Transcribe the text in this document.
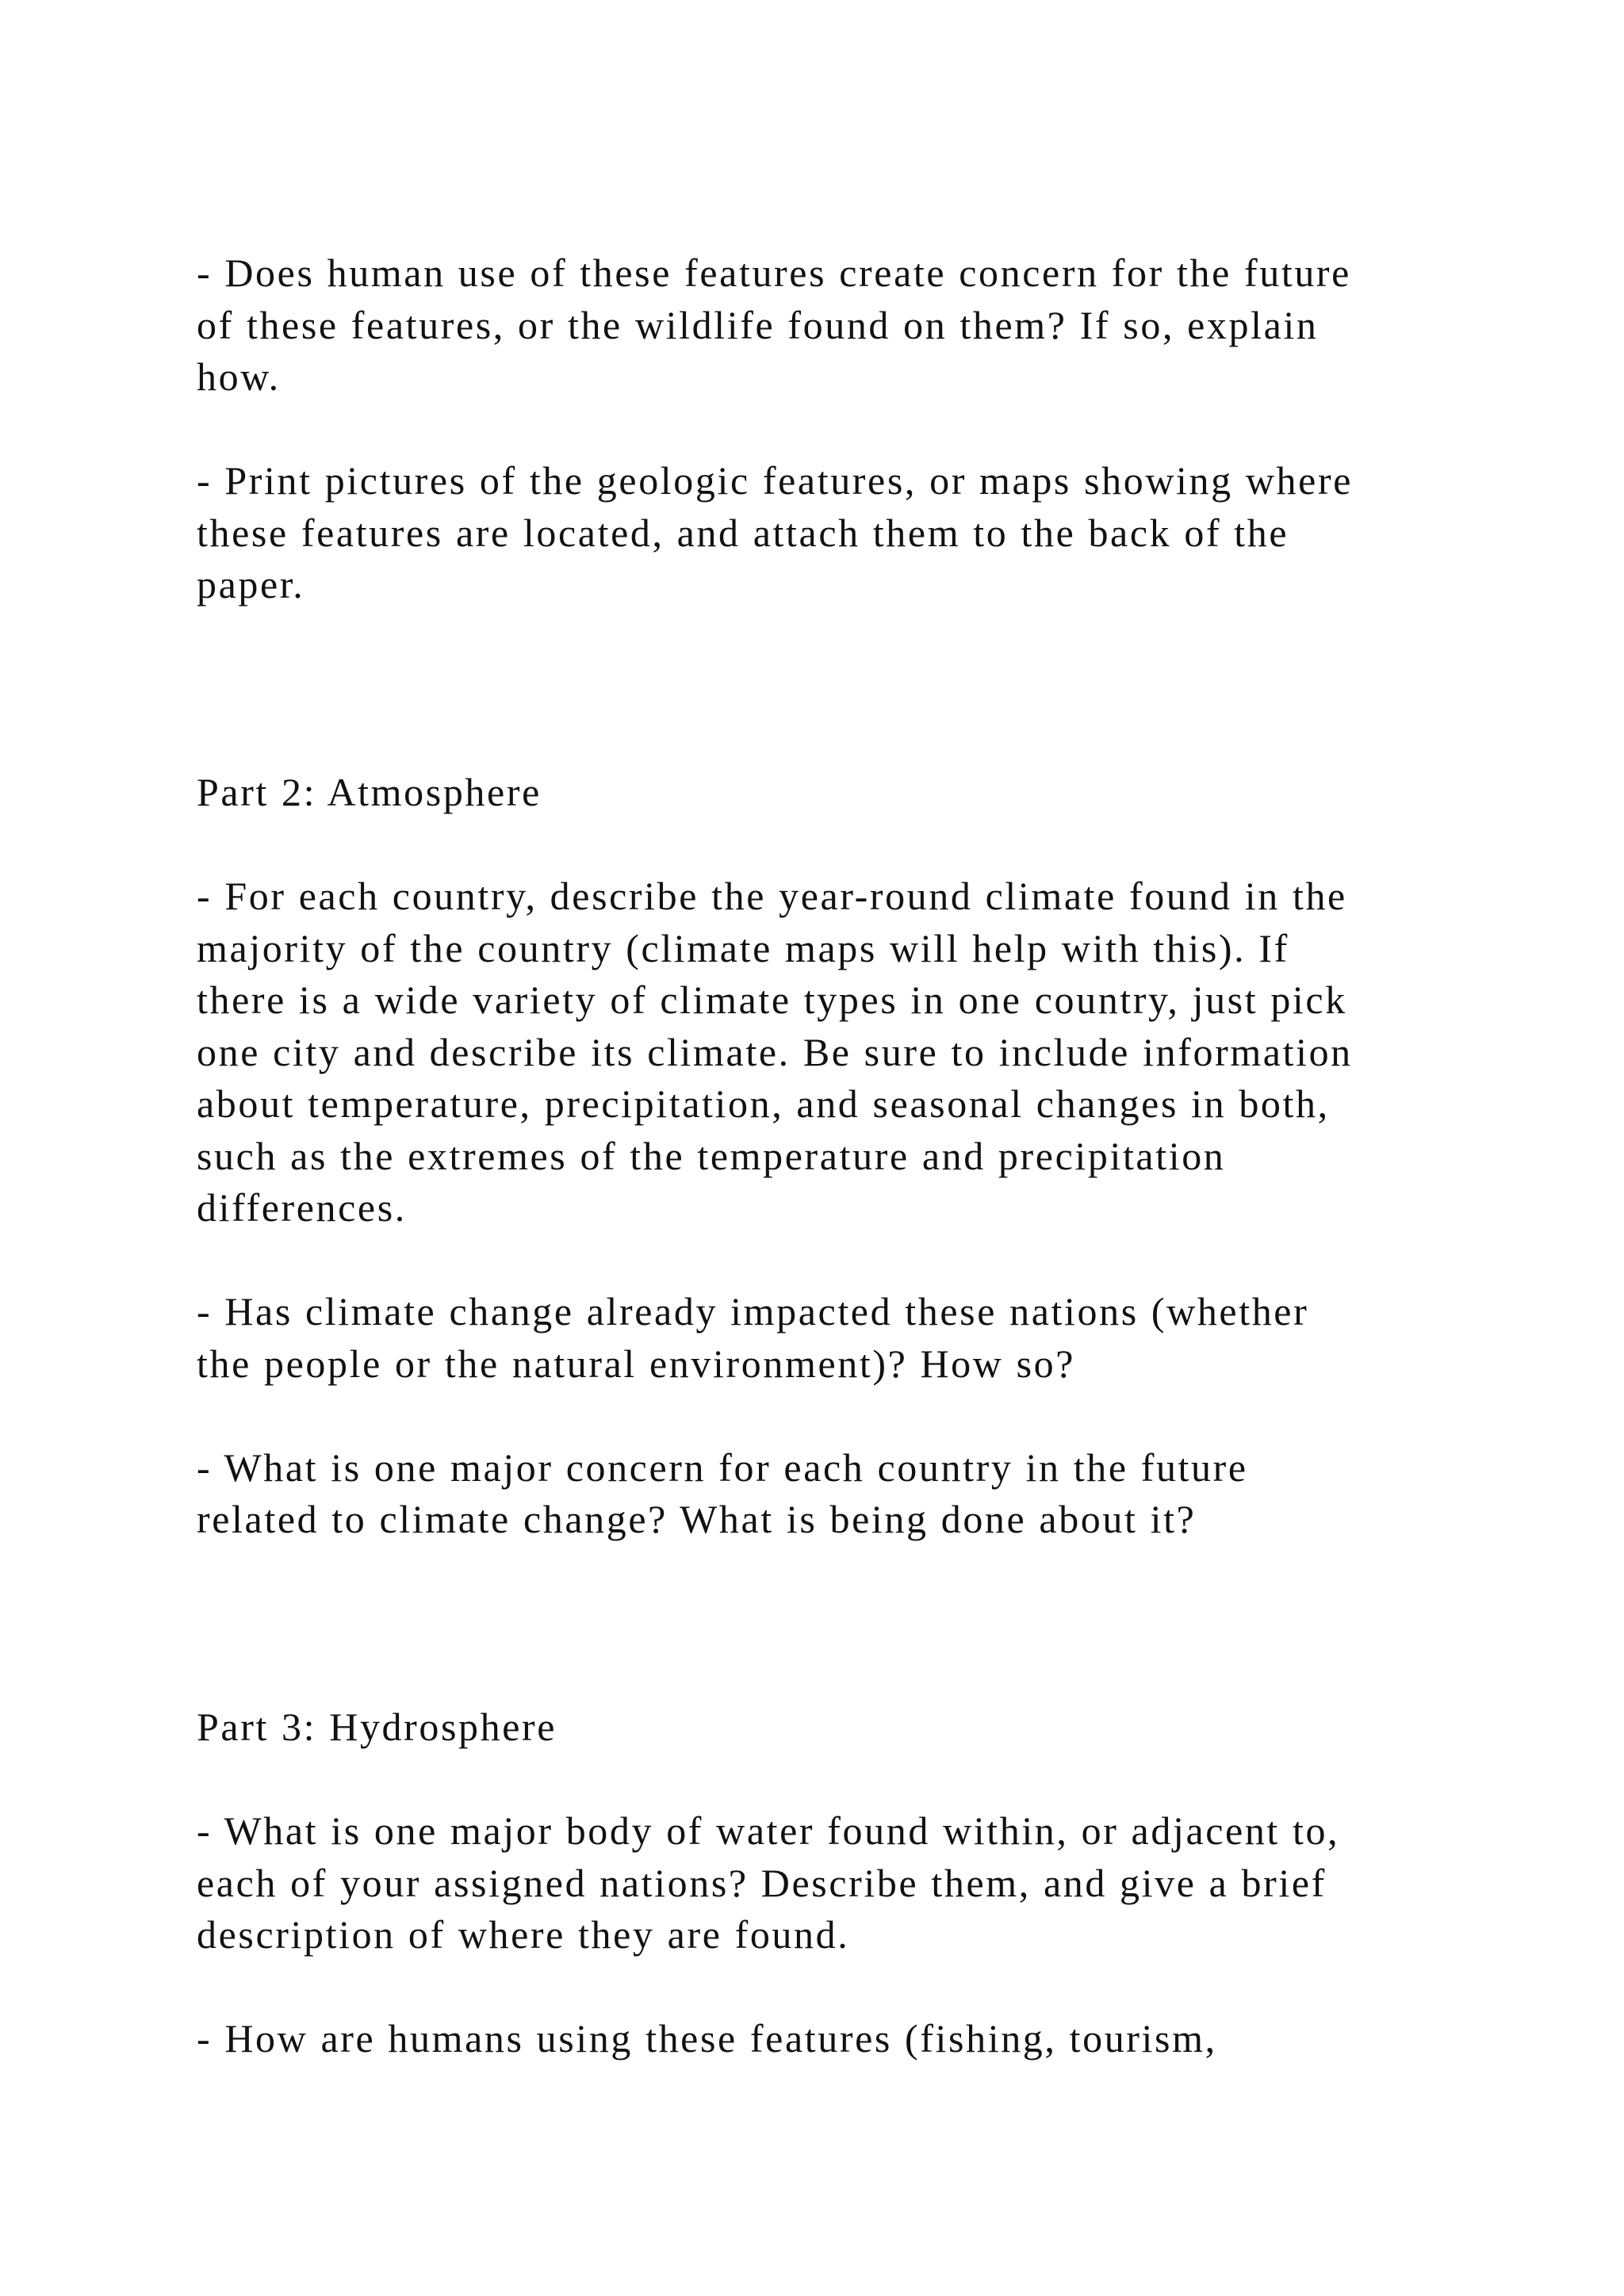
- Does human use of these features create concern for the future
of these features, or the wildlife found on them? If so, explain
how.

- Print pictures of the geologic features, or maps showing where
these features are located, and attach them to the back of the
paper.

Part 2: Atmosphere

- For each country, describe the year-round climate found in the
majority of the country (climate maps will help with this). If
there is a wide variety of climate types in one country, just pick
one city and describe its climate. Be sure to include information
about temperature, precipitation, and seasonal changes in both,
such as the extremes of the temperature and precipitation
differences.

- Has climate change already impacted these nations (whether
the people or the natural environment)? How so?

- What is one major concern for each country in the future
related to climate change? What is being done about it?

Part 3: Hydrosphere

- What is one major body of water found within, or adjacent to,
each of your assigned nations? Describe them, and give a brief
description of where they are found.

- How are humans using these features (fishing, tourism,
